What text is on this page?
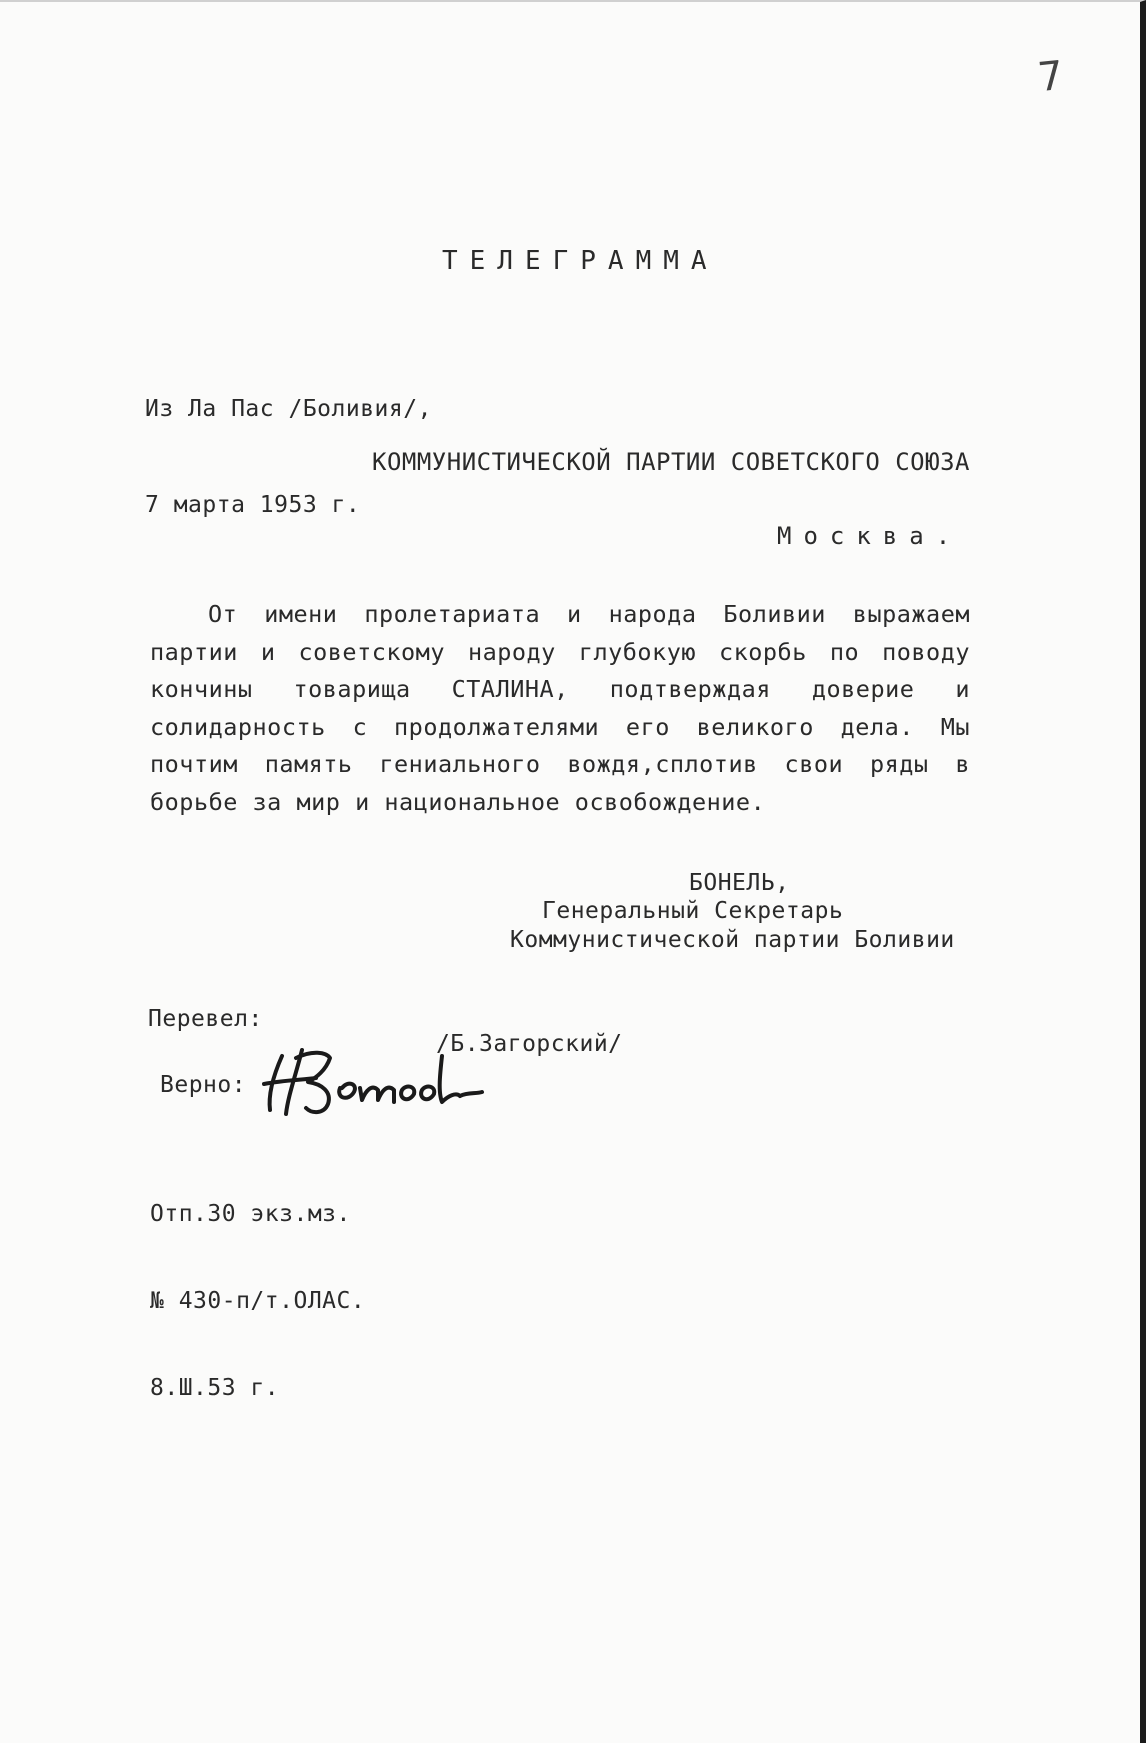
7
ТЕЛЕГРАММА

Из Ла Пас /Боливия/,

7 марта 1953 г.

КОММУНИСТИЧЕСКОЙ ПАРТИИ СОВЕТСКОГО СОЮЗА
Москва.
От имени пролетариата и народа Боливии выражаем партии и советскому народу глубокую скорбь по поводу кончины товарища СТАЛИНА, подтверждая доверие и солидарность с продолжателями его великого дела. Мы почтим память гениального вождя,сплотив свои ряды в борьбе за мир и национальное освобождение.
БОНЕЛЬ,
Генеральный Секретарь
Коммунистической партии Боливии
Перевел:
/Б.Загорский/
Верно:

Отп.30 экз.мз.

№ 430-п/т.ОЛАС.

8.Ш.53 г.
